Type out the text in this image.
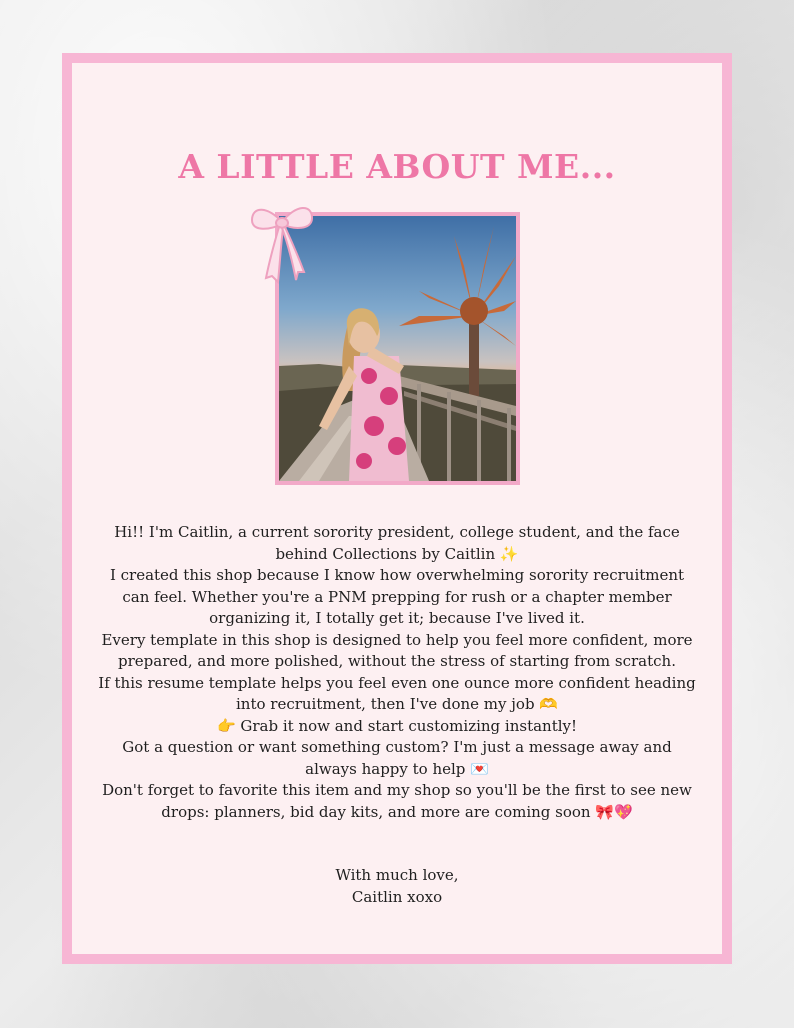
A LITTLE ABOUT ME...

Hi!! I'm Caitlin, a current sorority president, college student, and the face behind Collections by Caitlin ✨

I created this shop because I know how overwhelming sorority recruitment can feel. Whether you're a PNM prepping for rush or a chapter member organizing it, I totally get it; because I've lived it.

Every template in this shop is designed to help you feel more confident, more prepared, and more polished, without the stress of starting from scratch.

If this resume template helps you feel even one ounce more confident heading into recruitment, then I've done my job 🫶

👉 Grab it now and start customizing instantly!

Got a question or want something custom? I'm just a message away and always happy to help 💌

Don't forget to favorite this item and my shop so you'll be the first to see new drops: planners, bid day kits, and more are coming soon 🎀💖

With much love,
Caitlin xoxo
